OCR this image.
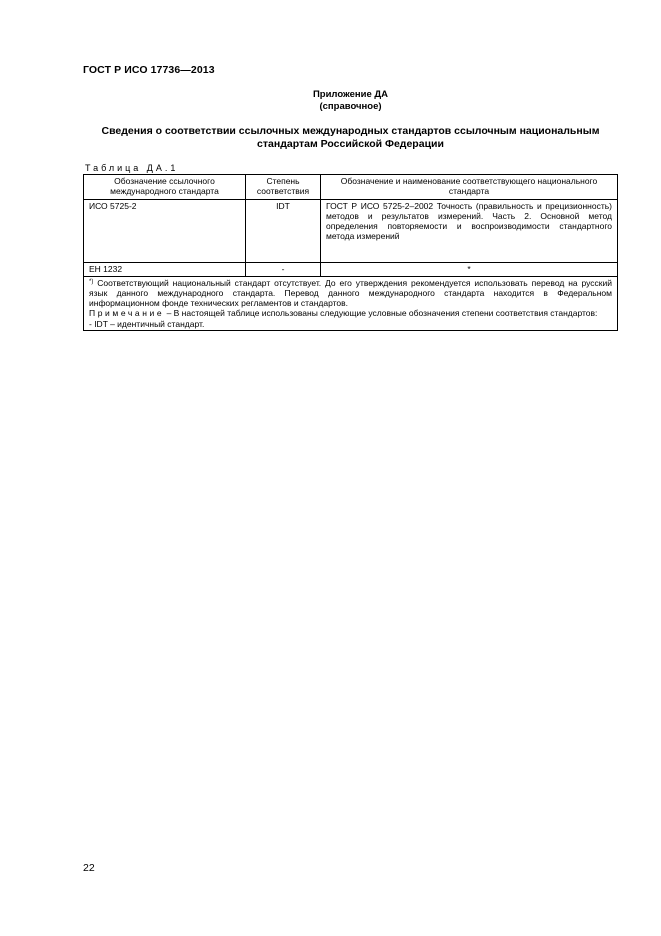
ГОСТ Р ИСО 17736—2013
Приложение ДА
(справочное)
Сведения о соответствии ссылочных международных стандартов ссылочным национальным
стандартам Российской Федерации
Таблица ДА.1
Обозначение ссылочного международного стандарта	Степень соответствия	Обозначение и наименование соответствующего национального стандарта
ИСО 5725-2	IDT	ГОСТ Р ИСО 5725-2–2002 Точность (правильность и прецизионность) методов и результатов измерений. Часть 2. Основной метод определения повторяемости и воспроизводимости стандартного метода измерений
ЕН 1232	-	*

*) Соответствующий национальный стандарт отсутствует. До его утверждения рекомендуется использовать перевод на русский язык данного международного стандарта. Перевод данного международного стандарта находится в Федеральном информационном фонде технических регламентов и стандартов.

Примечание – В настоящей таблице использованы следующие условные обозначения степени соответствия стандартов:

- IDT – идентичный стандарт.		

22
